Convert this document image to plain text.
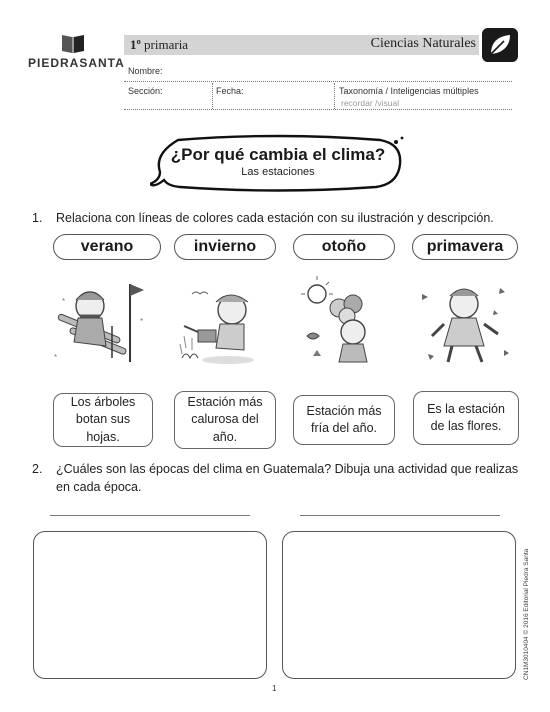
PIEDRASANTA
1º primaria	Ciencias Naturales
Nombre:
Sección:	Fecha:	Taxonomía / Inteligencias múltiples
recordar /visual
¿Por qué cambia el clima?
Las estaciones
1. Relaciona con líneas de colores cada estación con su ilustración y descripción.
verano	invierno	otoño	primavera
*
*
*
Los árboles botan sus hojas.
Estación más calurosa del año.
Estación más fría del año.
Es la estación de las flores.
2. ¿Cuáles son las épocas del clima en Guatemala? Dibuja una actividad que realizas en cada época.
CN1M3010404 © 2016 Editorial Piedra Santa
1
